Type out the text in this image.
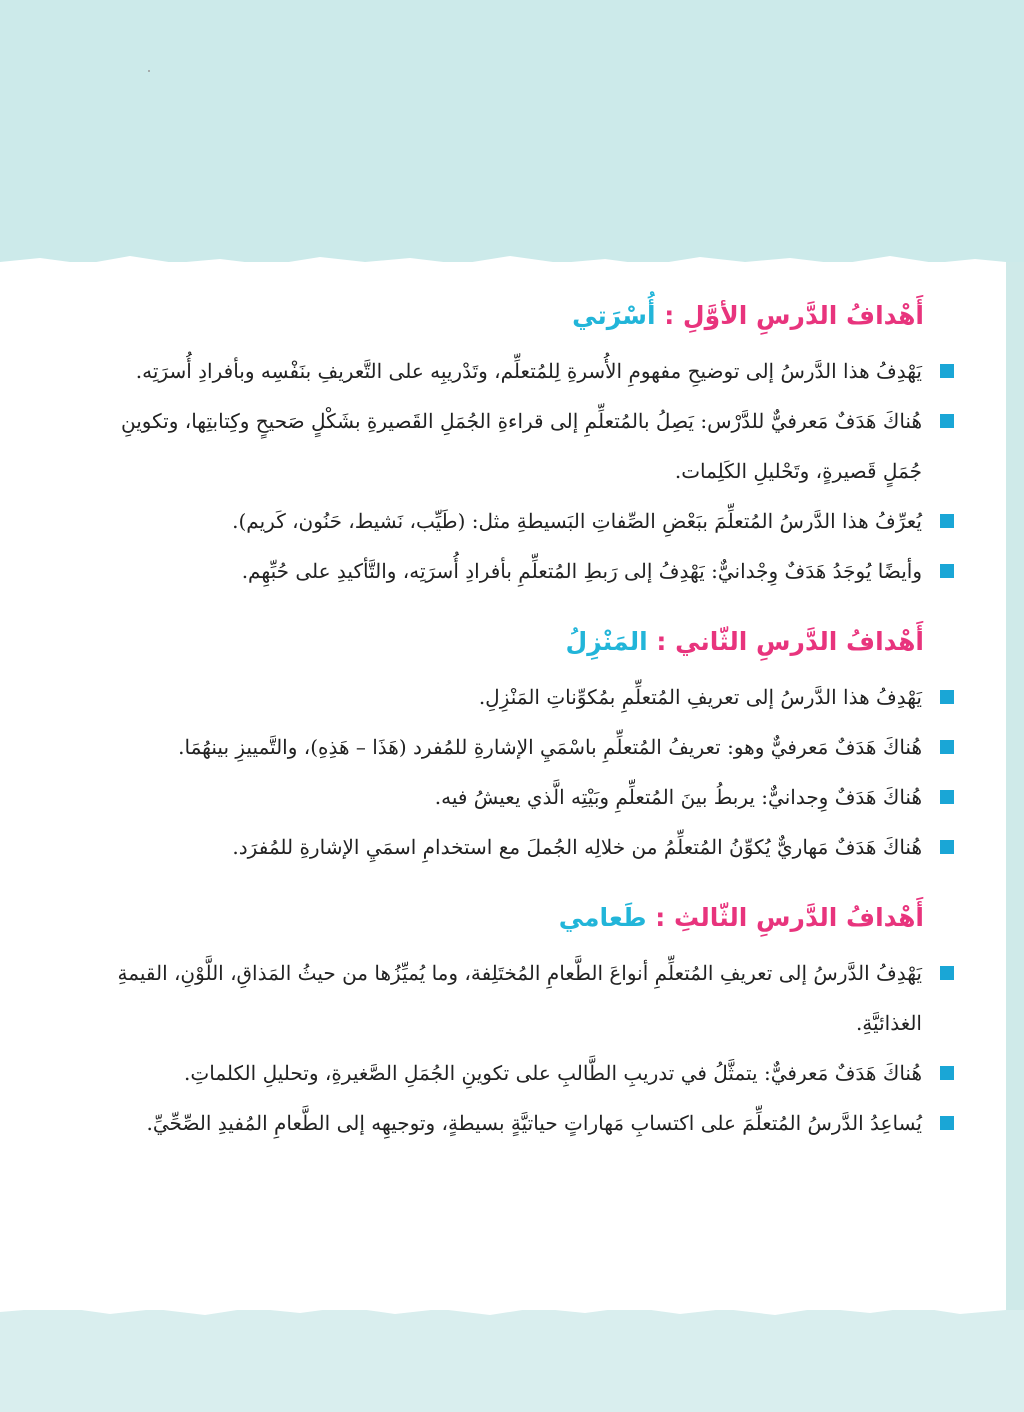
أَهْدافُ الدَّرسِ الأوَّلِ : أُسْرَتي

يَهْدِفُ هذا الدَّرسُ إلى توضيحِ مفهومِ الأُسرةِ لِلمُتعلِّم، وتَدْريبِه على التَّعريفِ بنَفْسِه وبأفرادِ أُسرَتِه.

هُناكَ هَدَفٌ مَعرفيٌّ للدَّرْس: يَصِلُ بالمُتعلِّمِ إلى قراءةِ الجُمَلِ القَصيرةِ بشَكْلٍ صَحيحٍ وكِتابتِها، وتكوينِ جُمَلٍ قَصيرةٍ، وتَحْليلِ الكَلِمات.

يُعرِّفُ هذا الدَّرسُ المُتعلِّمَ ببَعْضِ الصِّفاتِ البَسيطةِ مثل: (طَيِّب، نَشيط، حَنُون، كَريم).

وأيضًا يُوجَدُ هَدَفٌ وِجْدانيٌّ: يَهْدِفُ إلى رَبطِ المُتعلِّمِ بأفرادِ أُسرَتِه، والتَّأكيدِ على حُبِّهِم.

أَهْدافُ الدَّرسِ الثّاني : المَنْزِلُ

يَهْدِفُ هذا الدَّرسُ إلى تعريفِ المُتعلِّمِ بمُكوِّناتِ المَنْزِلِ.

هُناكَ هَدَفٌ مَعرفيٌّ وهو: تعريفُ المُتعلِّمِ باسْمَيِ الإشارةِ للمُفرد (هَذَا – هَذِهِ)، والتَّمييزِ بينهُمَا.

هُناكَ هَدَفٌ وِجدانيٌّ: يربطُ بينَ المُتعلِّمِ وبَيْتِه الَّذي يعيشُ فيه.

هُناكَ هَدَفٌ مَهاريٌّ يُكوِّنُ المُتعلِّمُ من خلالِه الجُملَ مع استخدامِ اسمَيِ الإشارةِ للمُفرَد.

أَهْدافُ الدَّرسِ الثّالثِ : طَعامي

يَهْدِفُ الدَّرسُ إلى تعريفِ المُتعلِّمِ أنواعَ الطَّعامِ المُختَلِفة، وما يُميِّزُها من حيثُ المَذاقِ، اللَّوْنِ، القيمةِ الغذائيَّةِ.

هُناكَ هَدَفٌ مَعرفيٌّ: يتمثَّلُ في تدريبِ الطَّالبِ على تكوينِ الجُمَلِ الصَّغيرةِ، وتحليلِ الكلماتِ.

يُساعِدُ الدَّرسُ المُتعلِّمَ على اكتسابِ مَهاراتٍ حياتيَّةٍ بسيطةٍ، وتوجيهِه إلى الطَّعامِ المُفيدِ الصِّحِّيِّ.
